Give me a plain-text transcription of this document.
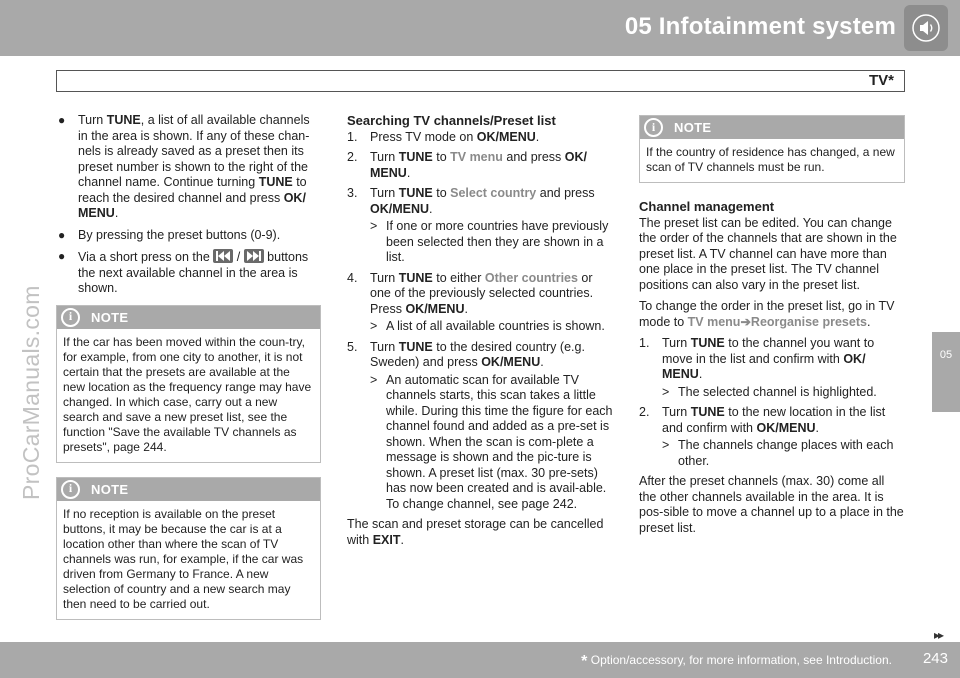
05 Infotainment system
TV*
05
ProCarManuals.com
● Turn TUNE, a list of all available channels in the area is shown. If any of these chan-nels is already saved as a preset then its preset number is shown to the right of the channel name. Continue turning TUNE to reach the desired channel and press OK/ MENU.
● By pressing the preset buttons (0-9).
● Via a short press on the
/
buttons the next available channel in the area is shown.
i NOTE
If the car has been moved within the coun-try, for example, from one city to another, it is not certain that the presets are available at the new location as the frequency range may have changed. In which case, carry out a new search and save a new preset list, see the function "Save the available TV channels as presets", page 244.
i NOTE
If no reception is available on the preset buttons, it may be because the car is at a location other than where the scan of TV channels was run, for example, if the car was driven from Germany to France. A new selection of country and a new search may then need to be carried out.
Searching TV channels/Preset list
1. Press TV mode on OK/MENU.
2. Turn TUNE to TV menu and press OK/ MENU.
3. Turn TUNE to Select country and press OK/MENU.
> If one or more countries have previously been selected then they are shown in a list.
4. Turn TUNE to either Other countries or one of the previously selected countries. Press OK/MENU.
> A list of all available countries is shown.
5. Turn TUNE to the desired country (e.g. Sweden) and press OK/MENU.
> An automatic scan for available TV channels starts, this scan takes a little while. During this time the figure for each channel found and added as a pre-set is shown. When the scan is com-plete a message is shown and the pic-ture is shown. A preset list (max. 30 pre-sets) has now been created and is avail-able. To change channel, see page 242.

The scan and preset storage can be cancelled with EXIT.

i NOTE
If the country of residence has changed, a new scan of TV channels must be run.
Channel management

The preset list can be edited. You can change the order of the channels that are shown in the preset list. A TV channel can have more than one place in the preset list. The TV channel positions can also vary in the preset list.

To change the order in the preset list, go in TV mode to TV menu➔Reorganise presets.

1. Turn TUNE to the channel you want to move in the list and confirm with OK/ MENU.
> The selected channel is highlighted.
2. Turn TUNE to the new location in the list and confirm with OK/MENU.
> The channels change places with each other.

After the preset channels (max. 30) come all the other channels available in the area. It is pos-sible to move a channel up to a place in the preset list.

▸▸
* Option/accessory, for more information, see Introduction. 243
